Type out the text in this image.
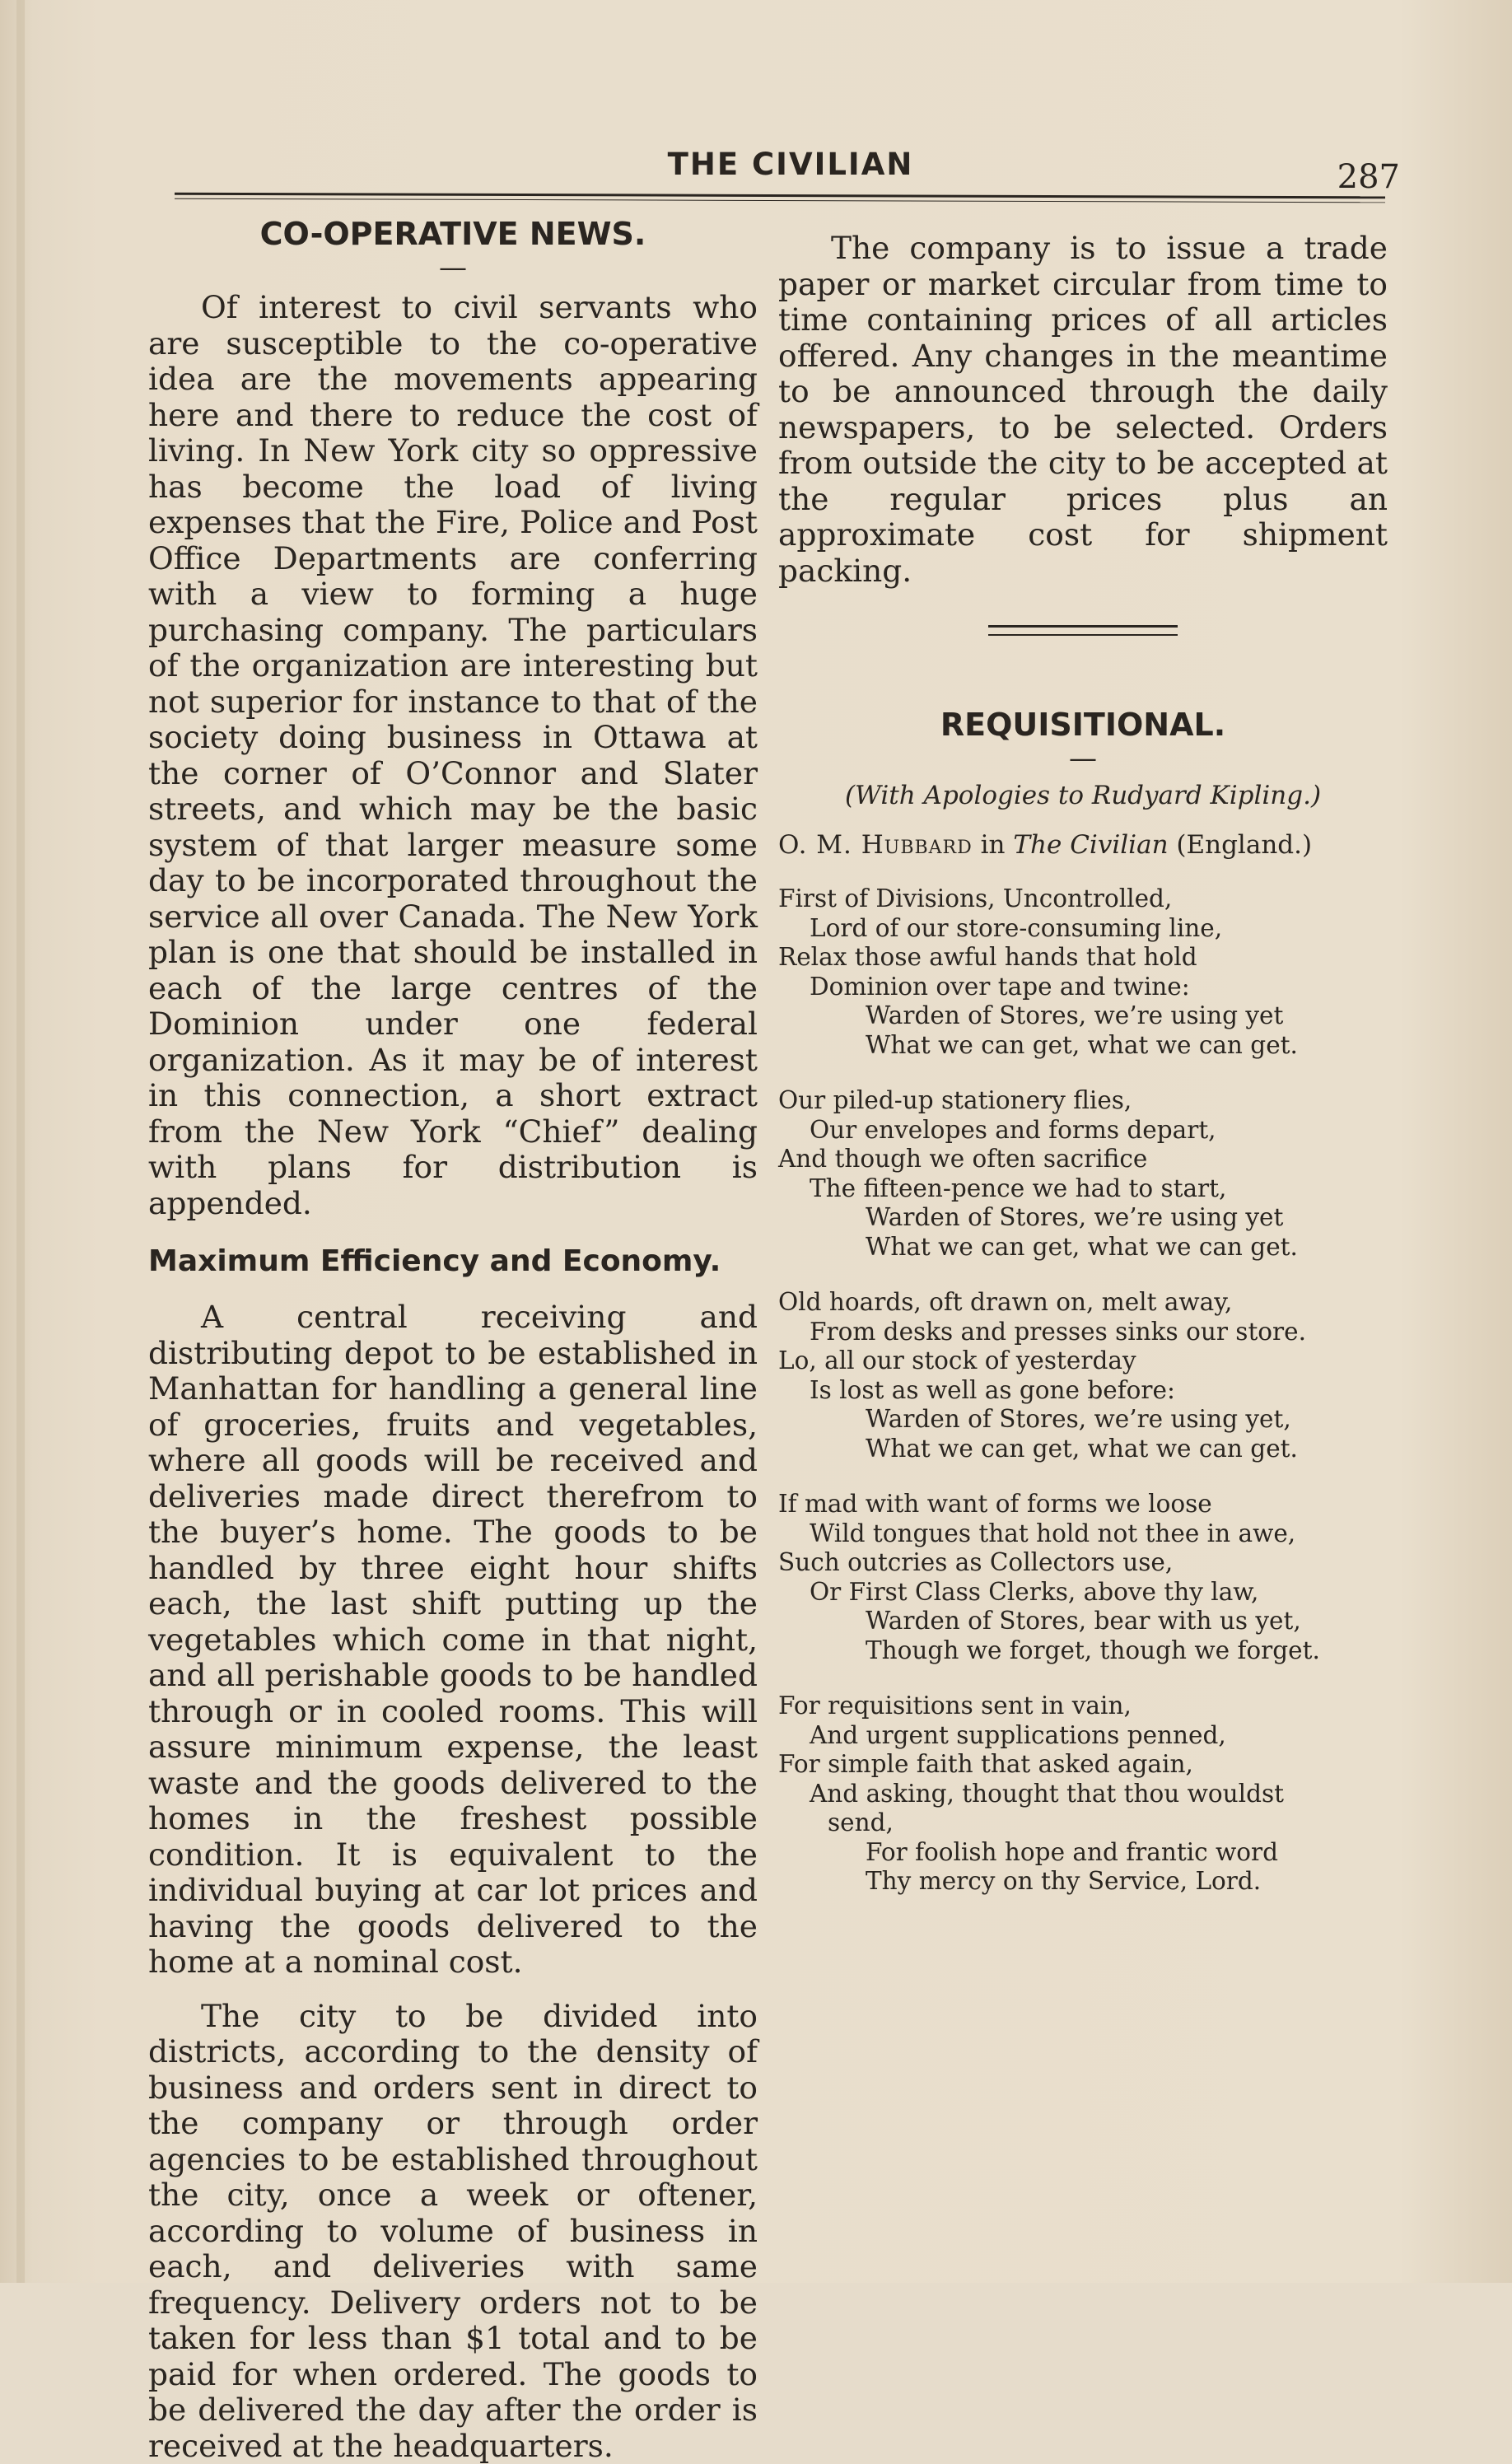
THE CIVILIAN	287
CO-OPERATIVE NEWS.
—

Of interest to civil servants who are susceptible to the co-operative idea are the movements appearing here and there to reduce the cost of living. In New York city so oppressive has become the load of living expenses that the Fire, Police and Post Office Departments are conferring with a view to forming a huge purchasing company. The particulars of the organization are interesting but not superior for instance to that of the society doing business in Ottawa at the corner of O’Connor and Slater streets, and which may be the basic system of that larger measure some day to be incorporated throughout the service all over Canada. The New York plan is one that should be installed in each of the large centres of the Dominion under one federal organization. As it may be of interest in this connection, a short extract from the New York “Chief” dealing with plans for distribution is appended.

Maximum Efficiency and Economy.

A central receiving and distributing depot to be established in Manhattan for handling a general line of groceries, fruits and vegetables, where all goods will be received and deliveries made direct therefrom to the buyer’s home. The goods to be handled by three eight hour shifts each, the last shift putting up the vegetables which come in that night, and all perishable goods to be handled through or in cooled rooms. This will assure minimum expense, the least waste and the goods delivered to the homes in the freshest possible condition. It is equivalent to the individual buying at car lot prices and having the goods delivered to the home at a nominal cost.

The city to be divided into districts, according to the density of business and orders sent in direct to the company or through order agencies to be established throughout the city, once a week or oftener, according to volume of business in each, and deliveries with same frequency. Delivery orders not to be taken for less than $1 total and to be paid for when ordered. The goods to be delivered the day after the order is received at the headquarters.

The company is to issue a trade paper or market circular from time to time containing prices of all articles offered. Any changes in the meantime to be announced through the daily newspapers, to be selected. Orders from outside the city to be accepted at the regular prices plus an approximate cost for shipment packing.

REQUISITIONAL.
—
(With Apologies to Rudyard Kipling.)
O. M. Hubbard in The Civilian (England.)

First of Divisions, Uncontrolled,

Lord of our store-consuming line,

Relax those awful hands that hold

Dominion over tape and twine:

Warden of Stores, we’re using yet

What we can get, what we can get.

Our piled-up stationery flies,

Our envelopes and forms depart,

And though we often sacrifice

The fifteen-pence we had to start,

Warden of Stores, we’re using yet

What we can get, what we can get.

Old hoards, oft drawn on, melt away,

From desks and presses sinks our store.

Lo, all our stock of yesterday

Is lost as well as gone before:

Warden of Stores, we’re using yet,

What we can get, what we can get.

If mad with want of forms we loose

Wild tongues that hold not thee in awe,

Such outcries as Collectors use,

Or First Class Clerks, above thy law,

Warden of Stores, bear with us yet,

Though we forget, though we forget.

For requisitions sent in vain,

And urgent supplications penned,

For simple faith that asked again,

And asking, thought that thou wouldst

send,

For foolish hope and frantic word

Thy mercy on thy Service, Lord.
